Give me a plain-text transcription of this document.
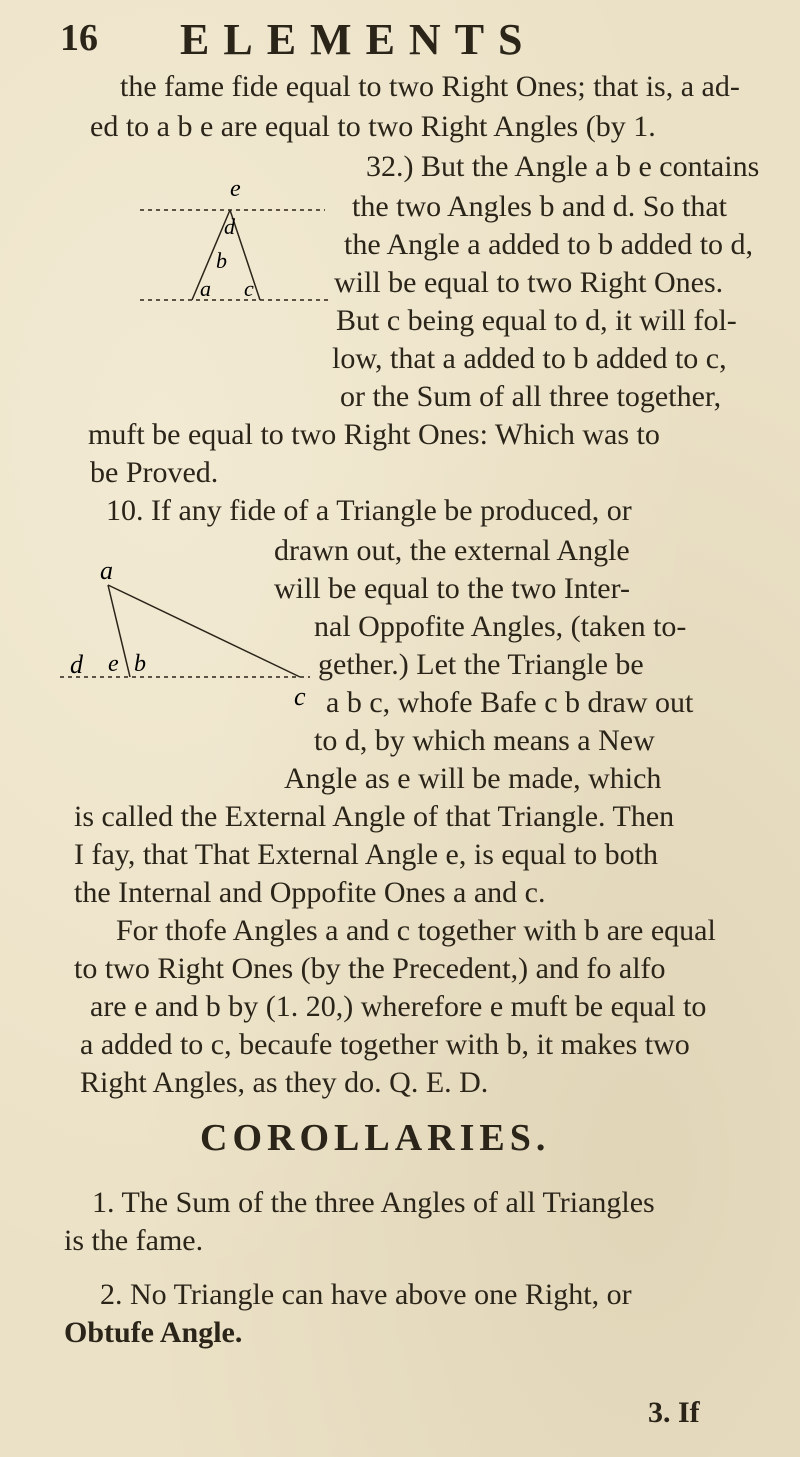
16 ELEMENTS
the fame fide equal to two Right Ones; that is, a ad-
ed to a b e are equal to two Right Angles (by 1.
32.) But the Angle a b e contains
the two Angles b and d. So that
the Angle a added to b added to d,
will be equal to two Right Ones.
But c being equal to d, it will fol-
low, that a added to b added to c,
or the Sum of all three together,
muft be equal to two Right Ones: Which was to
be Proved.
10. If any fide of a Triangle be produced, or
drawn out, the external Angle
will be equal to the two Inter-
nal Oppofite Angles, (taken to-
gether.) Let the Triangle be
a b c, whofe Bafe c b draw out
to d, by which means a New
Angle as e will be made, which
is called the External Angle of that Triangle. Then
I fay, that That External Angle e, is equal to both
the Internal and Oppofite Ones a and c.
For thofe Angles a and c together with b are equal
to two Right Ones (by the Precedent,) and fo alfo
are e and b by (1. 20,) wherefore e muft be equal to
a added to c, becaufe together with b, it makes two
Right Angles, as they do. Q. E. D.
COROLLARIES.
1. The Sum of the three Angles of all Triangles
is the fame.
2. No Triangle can have above one Right, or
Obtufe Angle.
3. If
e
d
b
a c
a
d e b
c
